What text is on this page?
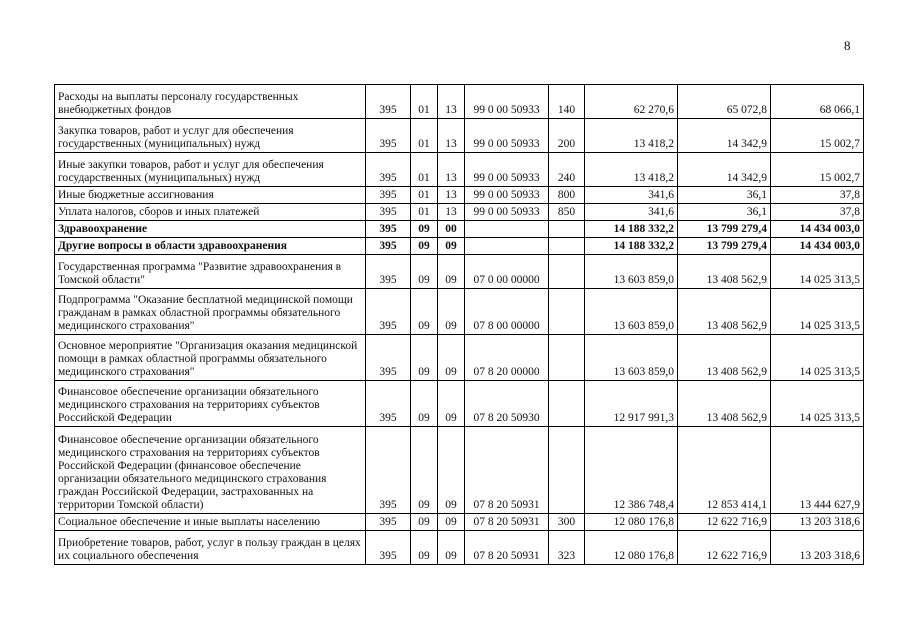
8
Расходы на выплаты персоналу государственных внебюджетных фондов	395	01	13	99 0 00 50933	140	62 270,6	65 072,8	68 066,1
Закупка товаров, работ и услуг для обеспечения государственных (муниципальных) нужд	395	01	13	99 0 00 50933	200	13 418,2	14 342,9	15 002,7
Иные закупки товаров, работ и услуг для обеспечения государственных (муниципальных) нужд	395	01	13	99 0 00 50933	240	13 418,2	14 342,9	15 002,7
Иные бюджетные ассигнования	395	01	13	99 0 00 50933	800	341,6	36,1	37,8
Уплата налогов, сборов и иных платежей	395	01	13	99 0 00 50933	850	341,6	36,1	37,8
Здравоохранение	395	09	00			14 188 332,2	13 799 279,4	14 434 003,0
Другие вопросы в области здравоохранения	395	09	09			14 188 332,2	13 799 279,4	14 434 003,0
Государственная программа "Развитие здравоохранения в Томской области"	395	09	09	07 0 00 00000		13 603 859,0	13 408 562,9	14 025 313,5
Подпрограмма "Оказание бесплатной медицинской помощи гражданам в рамках областной программы обязательного медицинского страхования"	395	09	09	07 8 00 00000		13 603 859,0	13 408 562,9	14 025 313,5
Основное мероприятие "Организация оказания медицинской помощи в рамках областной программы обязательного медицинского страхования"	395	09	09	07 8 20 00000		13 603 859,0	13 408 562,9	14 025 313,5
Финансовое обеспечение организации обязательного медицинского страхования на территориях субъектов Российской Федерации	395	09	09	07 8 20 50930		12 917 991,3	13 408 562,9	14 025 313,5
Финансовое обеспечение организации обязательного медицинского страхования на территориях субъектов Российской Федерации (финансовое обеспечение организации обязательного медицинского страхования граждан Российской Федерации, застрахованных на территории Томской области)	395	09	09	07 8 20 50931		12 386 748,4	12 853 414,1	13 444 627,9
Социальное обеспечение и иные выплаты населению	395	09	09	07 8 20 50931	300	12 080 176,8	12 622 716,9	13 203 318,6
Приобретение товаров, работ, услуг в пользу граждан в целях их социального обеспечения	395	09	09	07 8 20 50931	323	12 080 176,8	12 622 716,9	13 203 318,6
